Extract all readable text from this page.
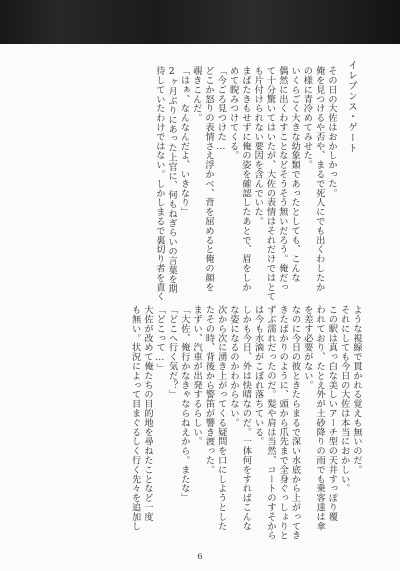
イレブンス・ゲート
その日の大佐はおかしかった。
俺を見つけるや否や、まるで死人にでも出くわしたか
の様に青冷めてみせた。
いくらごく大きな幼象類であったとしても、こんな
偶然に出くわすことなどそうそう無いだろう。俺だっ
て十分驚いてはいたが、大佐の表情はそれだけではとて
も片付けられない要因を含んでいた。
まばたきもせずに俺の姿を確認したあとで、眉をしか
めて睨みつけてくる。
「今ごろ見つけた…
どこか怒りの表情さえ浮かべ、背を屈めると俺の顔を
覗きこんだ。
「はぁ、なんなんだよ、いきなり」
2ヶ月ぶりにあった上官に、何もねぎらいの言葉を期
待していたわけではない。しかしまるで裏切り者を責く
ような視線で貫かれる覚えも無いのだ。
それにしても今日の大佐は本当におかしい。
この駅は真っ白な美しいアーチ型の天井すっぽり覆
われており、たとえ外が土砂降りの雨でも乗客達は傘
を差す必要がない。
なのに今日の彼ときたらまるで深い水底から上がってき
きたばかりのように、頭から爪先まで全身ぐっしょりと
ずぶ濡れだったのだ。髪や肩は当然、コートのすそから
は今も水滴がこぼれ落ちている。
しかも今日、外は快晴なのだ。一体何をすればこんな
な姿になるのかわからない。
次から次に湧き上がってくる疑問を口にしようとした
たその時、背後から警笛が響き渡った。
まずい、汽車が出発するらしい。
「大佐、俺行かなきゃならねえから。またな」
「どこへ行く気だ？」
「どこって…」
大佐が改めて俺たちの目的地を尋ねたことなど一度
も無い。状況によって目まぐるしく行く先々を追加し
6
